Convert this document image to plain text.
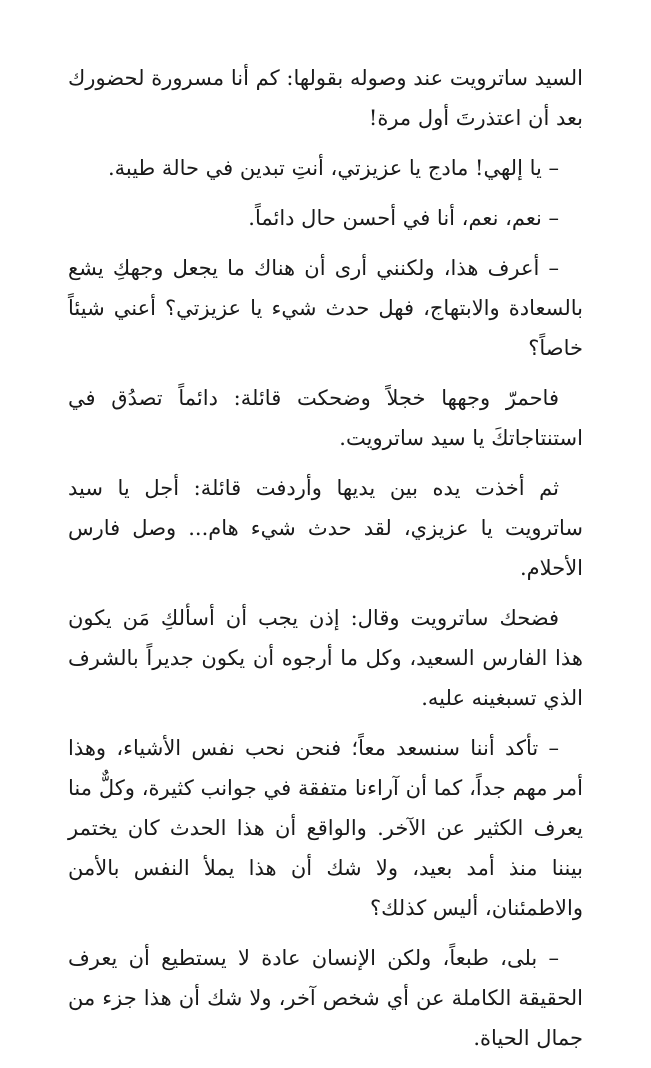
السيد ساترويت عند وصوله بقولها: كم أنا مسرورة لحضورك بعد أن اعتذرتَ أول مرة!

– يا إلهي! مادج يا عزيزتي، أنتِ تبدين في حالة طيبة.

– نعم، نعم، أنا في أحسن حال دائماً.

– أعرف هذا، ولكنني أرى أن هناك ما يجعل وجهكِ يشع بالسعادة والابتهاج، فهل حدث شيء يا عزيزتي؟ أعني شيئاً خاصاً؟

فاحمرّ وجهها خجلاً وضحكت قائلة: دائماً تصدُق في استنتاجاتكَ يا سيد ساترويت.

ثم أخذت يده بين يديها وأردفت قائلة: أجل يا سيد ساترويت يا عزيزي، لقد حدث شيء هام... وصل فارس الأحلام.

فضحك ساترويت وقال: إذن يجب أن أسألكِ مَن يكون هذا الفارس السعيد، وكل ما أرجوه أن يكون جديراً بالشرف الذي تسبغينه عليه.

– تأكد أننا سنسعد معاً؛ فنحن نحب نفس الأشياء، وهذا أمر مهم جداً، كما أن آراءنا متفقة في جوانب كثيرة، وكلٌّ منا يعرف الكثير عن الآخر. والواقع أن هذا الحدث كان يختمر بيننا منذ أمد بعيد، ولا شك أن هذا يملأ النفس بالأمن والاطمئنان، أليس كذلك؟

– بلى، طبعاً، ولكن الإنسان عادة لا يستطيع أن يعرف الحقيقة الكاملة عن أي شخص آخر، ولا شك أن هذا جزء من جمال الحياة.
